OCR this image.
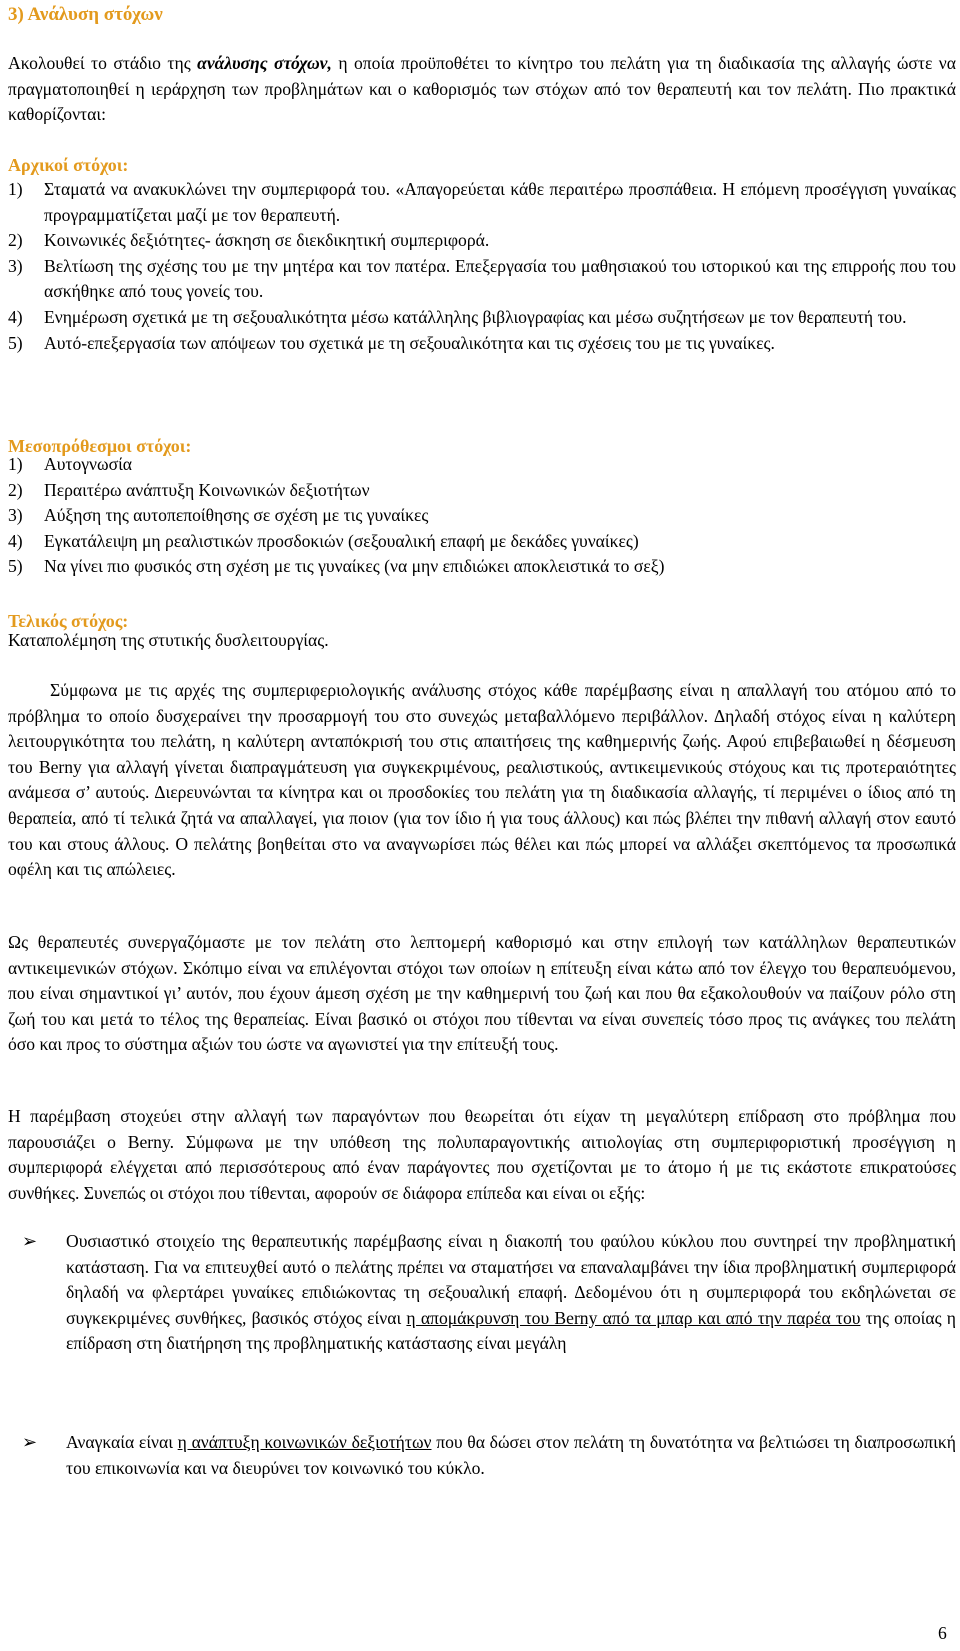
3) Ανάλυση στόχων
Ακολουθεί το στάδιο της ανάλυσης στόχων, η οποία προϋποθέτει το κίνητρο του πελάτη για τη διαδικασία της αλλαγής ώστε να πραγματοποιηθεί η ιεράρχηση των προβλημάτων και ο καθορισμός των στόχων από τον θεραπευτή και τον πελάτη. Πιο πρακτικά καθορίζονται:
Αρχικοί στόχοι:
1) Σταματά να ανακυκλώνει την συμπεριφορά του. «Απαγορεύεται κάθε περαιτέρω προσπάθεια. Η επόμενη προσέγγιση γυναίκας προγραμματίζεται μαζί με τον θεραπευτή.
2) Κοινωνικές δεξιότητες- άσκηση σε διεκδικητική συμπεριφορά.
3) Βελτίωση της σχέσης του με την μητέρα και τον πατέρα. Επεξεργασία του μαθησιακού του ιστορικού και της επιρροής που του ασκήθηκε από τους γονείς του.
4) Ενημέρωση σχετικά με τη σεξουαλικότητα μέσω κατάλληλης βιβλιογραφίας και μέσω συζητήσεων με τον θεραπευτή του.
5) Αυτό-επεξεργασία των απόψεων του σχετικά με τη σεξουαλικότητα και τις σχέσεις του με τις γυναίκες.
Μεσοπρόθεσμοι στόχοι:
1) Αυτογνωσία
2) Περαιτέρω ανάπτυξη Κοινωνικών δεξιοτήτων
3) Αύξηση της αυτοπεποίθησης σε σχέση με τις γυναίκες
4) Εγκατάλειψη μη ρεαλιστικών προσδοκιών (σεξουαλική επαφή με δεκάδες γυναίκες)
5) Να γίνει πιο φυσικός στη σχέση με τις γυναίκες (να μην επιδιώκει αποκλειστικά το σεξ)
Τελικός στόχος:
Καταπολέμηση της στυτικής δυσλειτουργίας.

Σύμφωνα με τις αρχές της συμπεριφεριολογικής ανάλυσης στόχος κάθε παρέμβασης είναι η απαλλαγή του ατόμου από το πρόβλημα το οποίο δυσχεραίνει την προσαρμογή του στο συνεχώς μεταβαλλόμενο περιβάλλον. Δηλαδή στόχος είναι η καλύτερη λειτουργικότητα του πελάτη, η καλύτερη ανταπόκρισή του στις απαιτήσεις της καθημερινής ζωής. Αφού επιβεβαιωθεί η δέσμευση του Berny για αλλαγή γίνεται διαπραγμάτευση για συγκεκριμένους, ρεαλιστικούς, αντικειμενικούς στόχους και τις προτεραιότητες ανάμεσα σ’ αυτούς. Διερευνώνται τα κίνητρα και οι προσδοκίες του πελάτη για τη διαδικασία αλλαγής, τί περιμένει ο ίδιος από τη θεραπεία, από τί τελικά ζητά να απαλλαγεί, για ποιον (για τον ίδιο ή για τους άλλους) και πώς βλέπει την πιθανή αλλαγή στον εαυτό του και στους άλλους. Ο πελάτης βοηθείται στο να αναγνωρίσει πώς θέλει και πώς μπορεί να αλλάξει σκεπτόμενος τα προσωπικά οφέλη και τις απώλειες.

Ως θεραπευτές συνεργαζόμαστε με τον πελάτη στο λεπτομερή καθορισμό και στην επιλογή των κατάλληλων θεραπευτικών αντικειμενικών στόχων. Σκόπιμο είναι να επιλέγονται στόχοι των οποίων η επίτευξη είναι κάτω από τον έλεγχο του θεραπευόμενου, που είναι σημαντικοί γι’ αυτόν, που έχουν άμεση σχέση με την καθημερινή του ζωή και που θα εξακολουθούν να παίζουν ρόλο στη ζωή του και μετά το τέλος της θεραπείας. Είναι βασικό οι στόχοι που τίθενται να είναι συνεπείς τόσο προς τις ανάγκες του πελάτη όσο και προς το σύστημα αξιών του ώστε να αγωνιστεί για την επίτευξή τους.

Η παρέμβαση στοχεύει στην αλλαγή των παραγόντων που θεωρείται ότι είχαν τη μεγαλύτερη επίδραση στο πρόβλημα που παρουσιάζει ο Berny. Σύμφωνα με την υπόθεση της πολυπαραγοντικής αιτιολογίας στη συμπεριφοριστική προσέγγιση η συμπεριφορά ελέγχεται από περισσότερους από έναν παράγοντες που σχετίζονται με το άτομο ή με τις εκάστοτε επικρατούσες συνθήκες. Συνεπώς οι στόχοι που τίθενται, αφορούν σε διάφορα επίπεδα και είναι οι εξής:

➢ Ουσιαστικό στοιχείο της θεραπευτικής παρέμβασης είναι η διακοπή του φαύλου κύκλου που συντηρεί την προβληματική κατάσταση. Για να επιτευχθεί αυτό ο πελάτης πρέπει να σταματήσει να επαναλαμβάνει την ίδια προβληματική συμπεριφορά δηλαδή να φλερτάρει γυναίκες επιδιώκοντας τη σεξουαλική επαφή. Δεδομένου ότι η συμπεριφορά του εκδηλώνεται σε συγκεκριμένες συνθήκες, βασικός στόχος είναι η απομάκρυνση του Berny από τα μπαρ και από την παρέα του της οποίας η επίδραση στη διατήρηση της προβληματικής κατάστασης είναι μεγάλη
➢ Αναγκαία είναι η ανάπτυξη κοινωνικών δεξιοτήτων που θα δώσει στον πελάτη τη δυνατότητα να βελτιώσει τη διαπροσωπική του επικοινωνία και να διευρύνει τον κοινωνικό του κύκλο.
6
